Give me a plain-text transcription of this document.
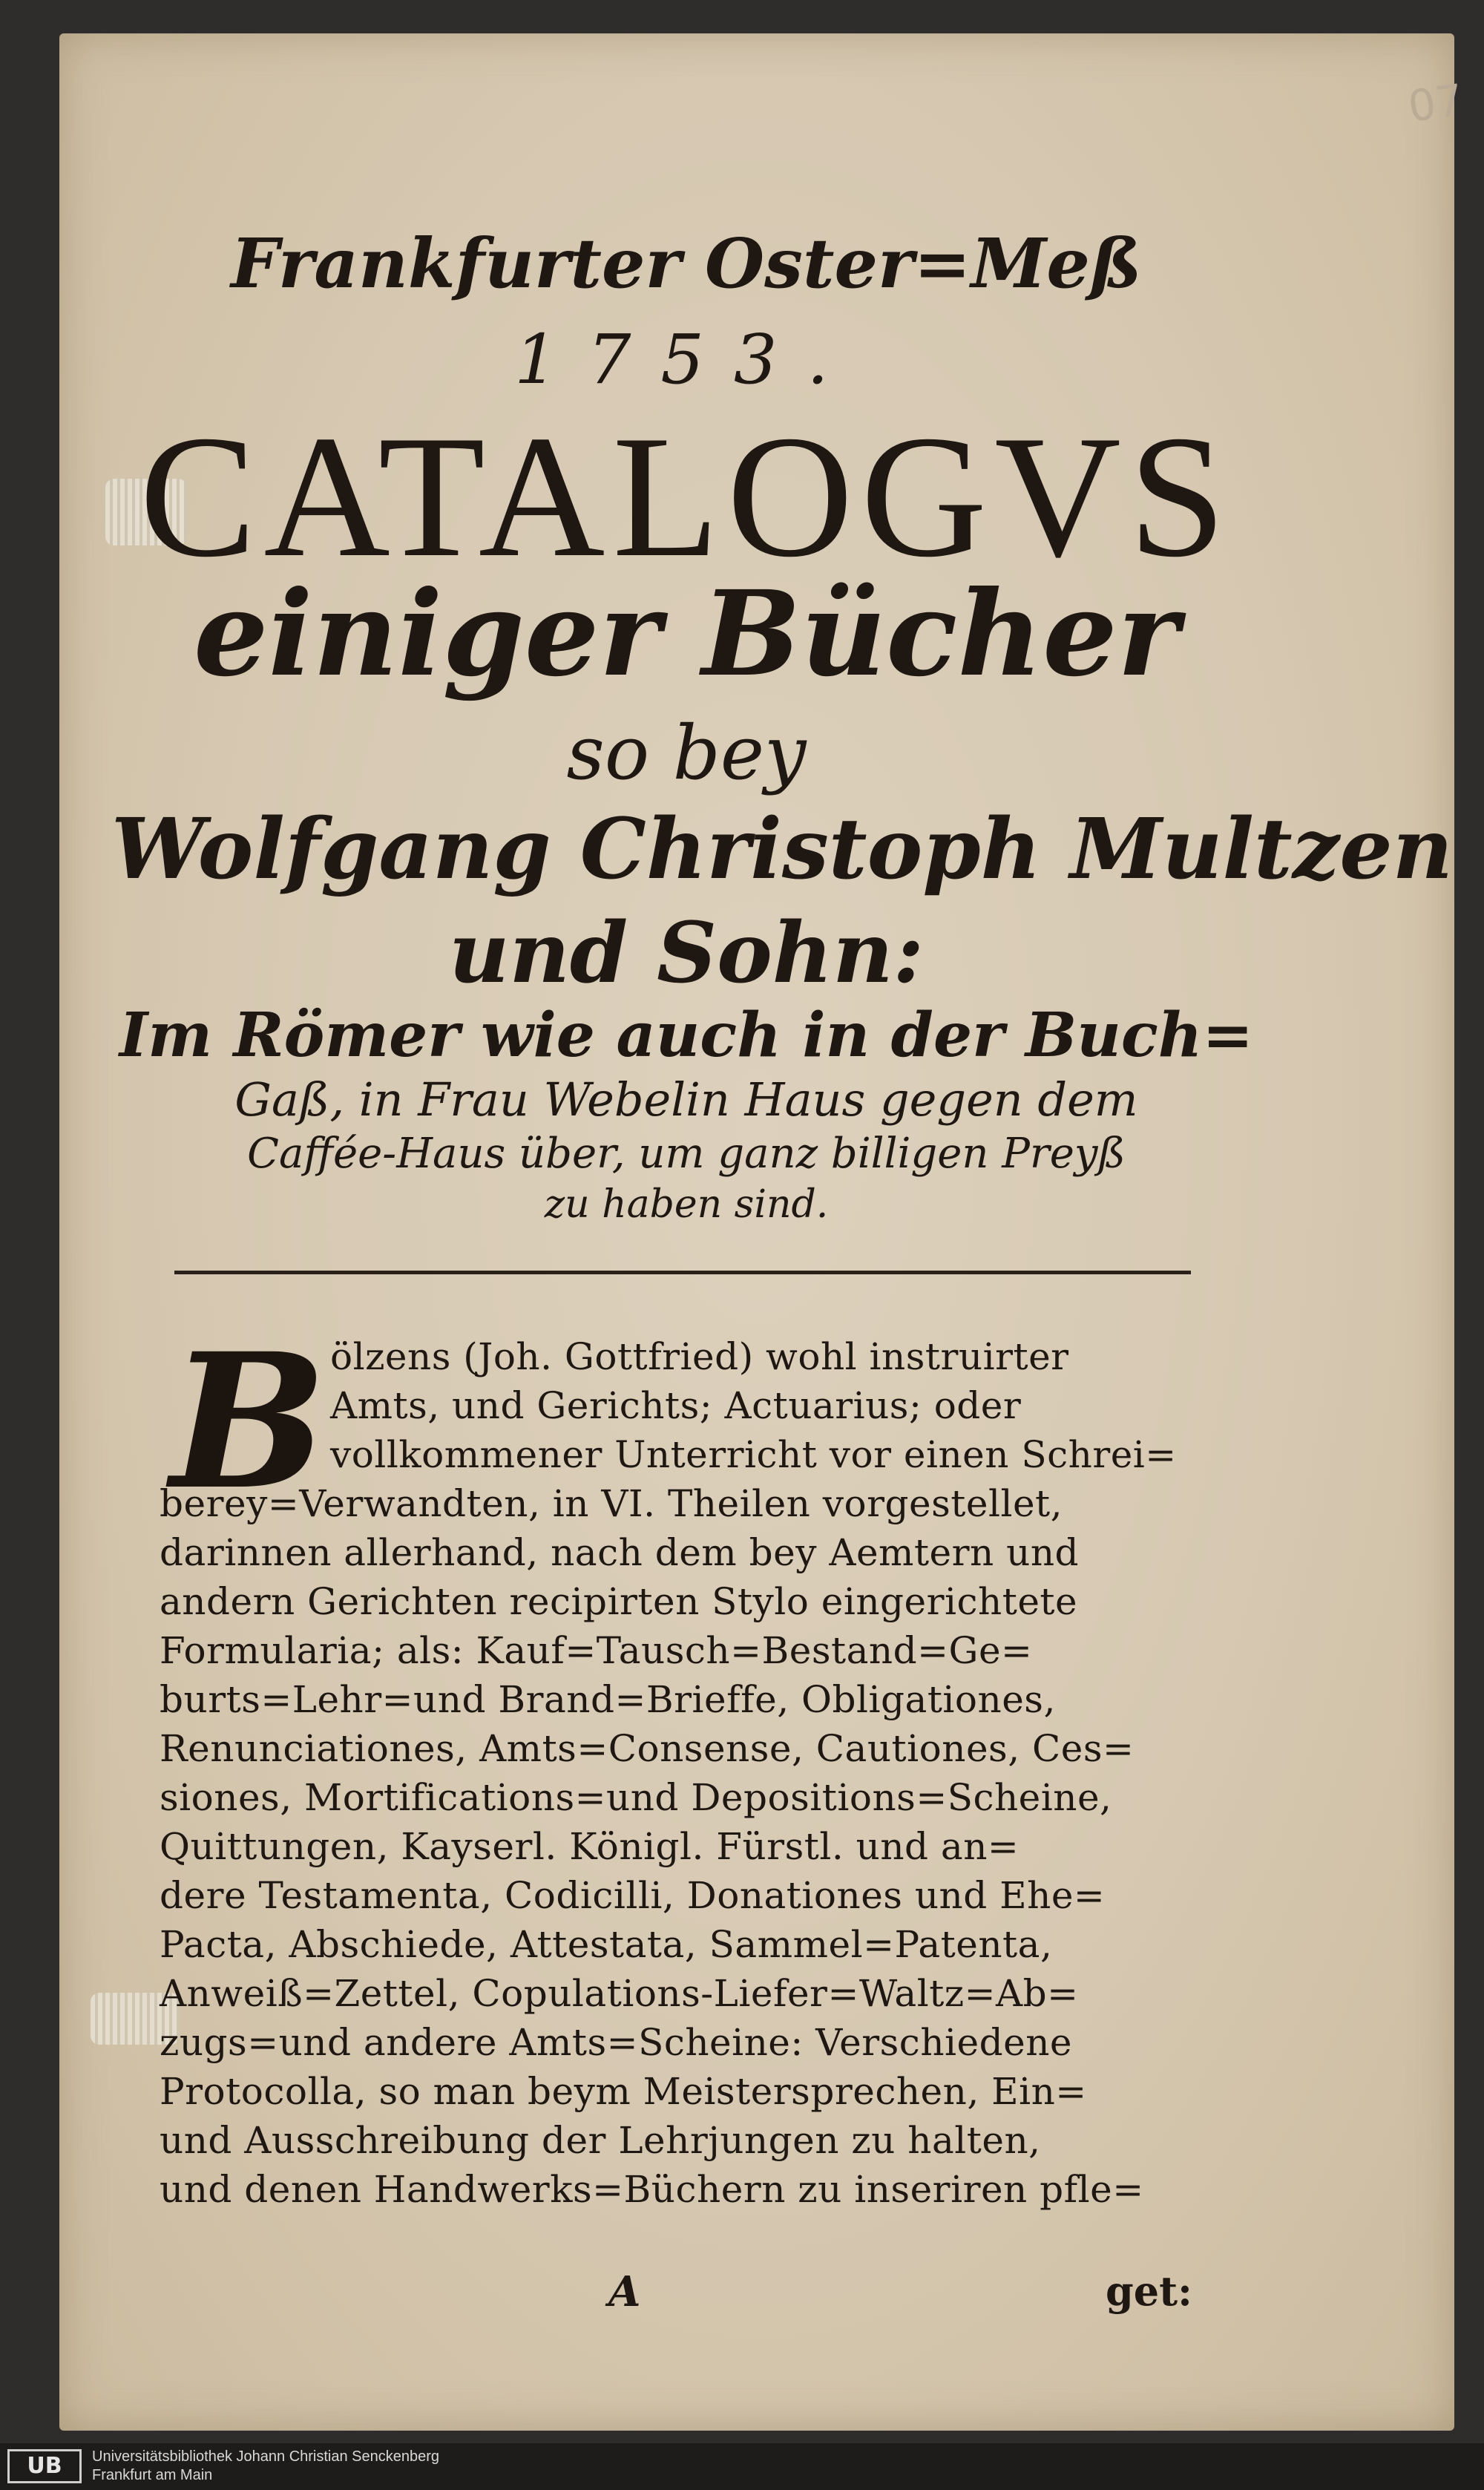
07
Frankfurter Oster=Meß
1753.
CATALOGVS
einiger Bücher
so bey
Wolfgang Christoph Multzen
und Sohn:
Im Römer wie auch in der Buch=
Gaß, in Frau Webelin Haus gegen dem
Caffée-Haus über, um ganz billigen Preyß
zu haben sind.
B ölzens (Joh. Gottfried) wohl instruirter
Amts, und Gerichts; Actuarius; oder
vollkommener Unterricht vor einen Schrei=
berey=Verwandten, in VI. Theilen vorgestellet,
darinnen allerhand, nach dem bey Aemtern und
andern Gerichten recipirten Stylo eingerichtete
Formularia; als: Kauf=Tausch=Bestand=Ge=
burts=Lehr=und Brand=Brieffe, Obligationes,
Renunciationes, Amts=Consense, Cautiones, Ces=
siones, Mortifications=und Depositions=Scheine,
Quittungen, Kayserl. Königl. Fürstl. und an=
dere Testamenta, Codicilli, Donationes und Ehe=
Pacta, Abschiede, Attestata, Sammel=Patenta,
Anweiß=Zettel, Copulations-Liefer=Waltz=Ab=
zugs=und andere Amts=Scheine: Verschiedene
Protocolla, so man beym Meistersprechen, Ein=
und Ausschreibung der Lehrjungen zu halten,
und denen Handwerks=Büchern zu inseriren pfle=
A	get:
UB	Universitätsbibliothek Johann Christian Senckenberg
Frankfurt am Main
